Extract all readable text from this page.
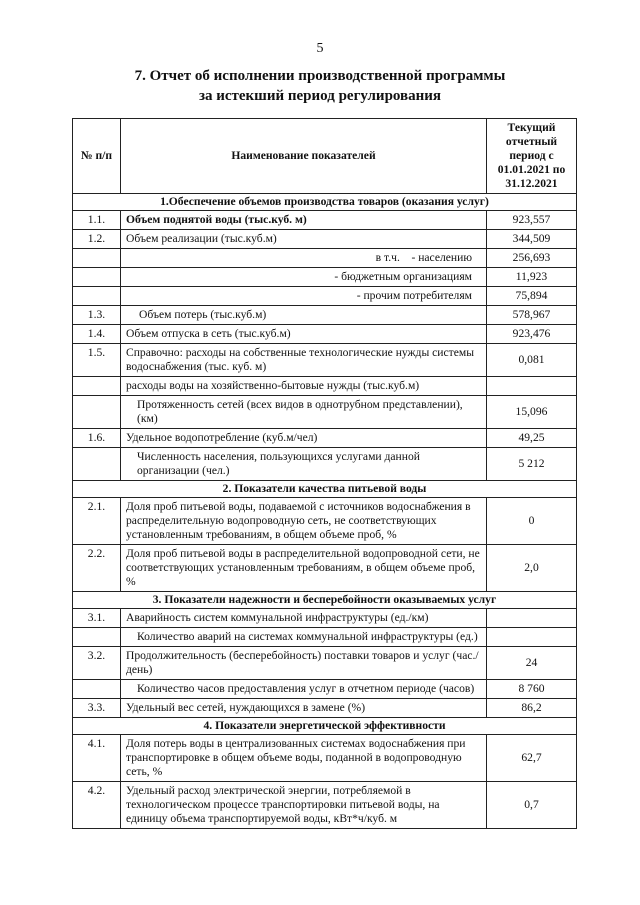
5
7. Отчет об исполнении производственной программы
за истекший период регулирования
№ п/п	Наименование показателей	Текущий отчетный период с 01.01.2021 по 31.12.2021
1.Обеспечение объемов производства товаров (оказания услуг)		
1.1.	Объем поднятой воды (тыс.куб. м)	923,557
1.2.	Объем реализации (тыс.куб.м)	344,509
	в т.ч.    - населению	256,693
	- бюджетным организациям	11,923
	- прочим потребителям	75,894
1.3.	Объем потерь (тыс.куб.м)	578,967
1.4.	Объем отпуска в сеть (тыс.куб.м)	923,476
1.5.	Справочно: расходы на собственные технологические нужды системы водоснабжения (тыс. куб. м)	0,081
	расходы воды на хозяйственно-бытовые нужды (тыс.куб.м)	
	Протяженность сетей (всех видов в однотрубном представлении), (км)	15,096
1.6.	Удельное водопотребление (куб.м/чел)	49,25
	Численность населения, пользующихся услугами данной организации (чел.)	5 212
2. Показатели качества питьевой воды		
2.1.	Доля проб питьевой воды, подаваемой с источников водоснабжения в распределительную водопроводную сеть, не соответствующих установленным требованиям, в общем объеме проб, %	0
2.2.	Доля проб питьевой воды в распределительной водопроводной сети, не соответствующих установленным требованиям, в общем объеме проб, %	2,0
3. Показатели надежности и бесперебойности оказываемых услуг		
3.1.	Аварийность систем коммунальной инфраструктуры (ед./км)	
	Количество аварий на системах коммунальной инфраструктуры (ед.)	
3.2.	Продолжительность (бесперебойность) поставки товаров и услуг (час./день)	24
	Количество часов предоставления услуг в отчетном периоде (часов)	8 760
3.3.	Удельный вес сетей, нуждающихся в замене (%)	86,2
4. Показатели энергетической эффективности		
4.1.	Доля потерь воды в централизованных системах водоснабжения при транспортировке в общем объеме воды, поданной в водопроводную сеть, %	62,7
4.2.	Удельный расход электрической энергии, потребляемой в технологическом процессе транспортировки питьевой воды, на единицу объема транспортируемой воды, кВт*ч/куб. м	0,7
